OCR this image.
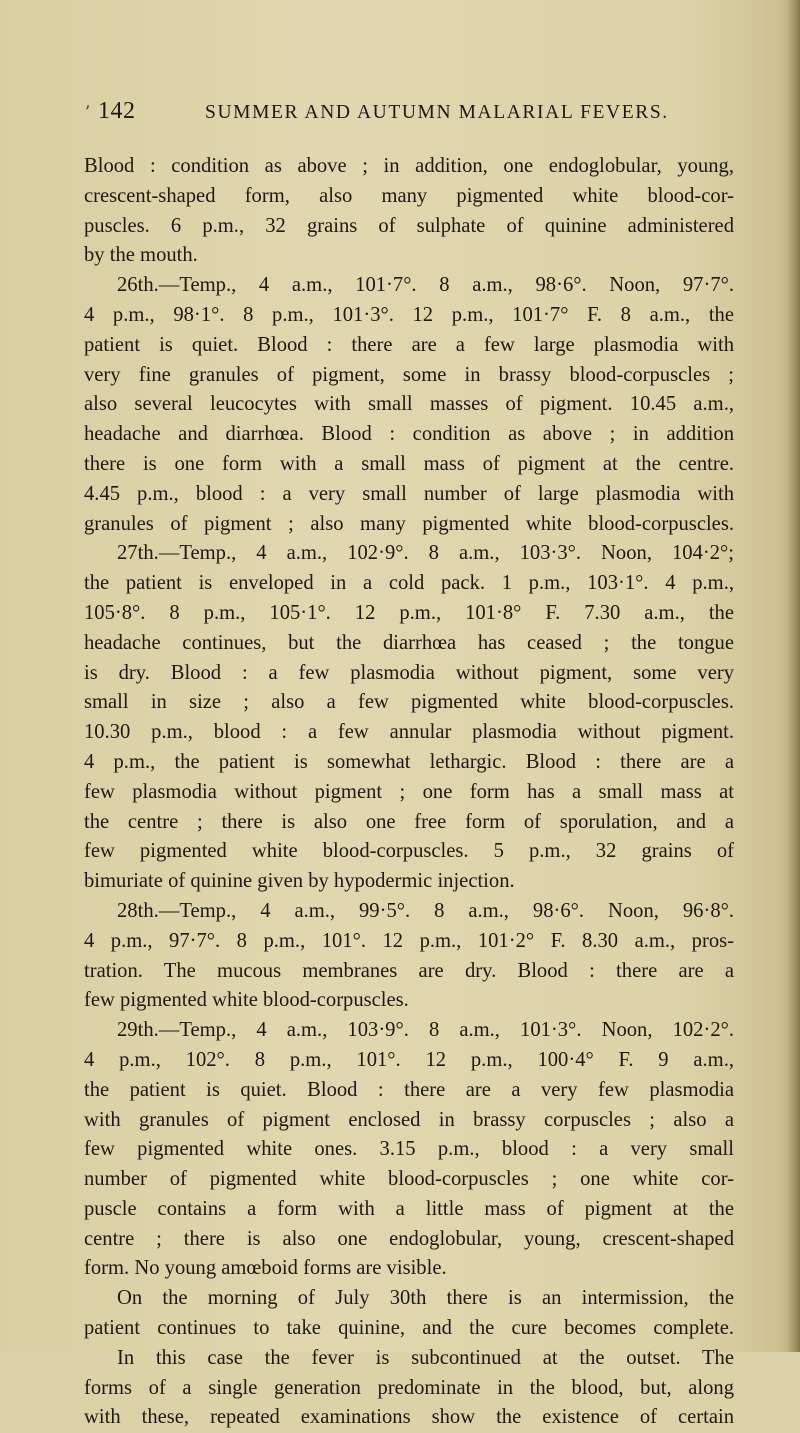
’ 142	SUMMER AND AUTUMN MALARIAL FEVERS.
Blood : condition as above ; in addition, one endoglobular, young,
crescent-shaped form, also many pigmented white blood-cor-
puscles. 6 p.m., 32 grains of sulphate of quinine administered
by the mouth.
26th.—Temp., 4 a.m., 101·7°. 8 a.m., 98·6°. Noon, 97·7°.
4 p.m., 98·1°. 8 p.m., 101·3°. 12 p.m., 101·7° F. 8 a.m., the
patient is quiet. Blood : there are a few large plasmodia with
very fine granules of pigment, some in brassy blood-corpuscles ;
also several leucocytes with small masses of pigment. 10.45 a.m.,
headache and diarrhœa. Blood : condition as above ; in addition
there is one form with a small mass of pigment at the centre.
4.45 p.m., blood : a very small number of large plasmodia with
granules of pigment ; also many pigmented white blood-corpuscles.
27th.—Temp., 4 a.m., 102·9°. 8 a.m., 103·3°. Noon, 104·2°;
the patient is enveloped in a cold pack. 1 p.m., 103·1°. 4 p.m.,
105·8°. 8 p.m., 105·1°. 12 p.m., 101·8° F. 7.30 a.m., the
headache continues, but the diarrhœa has ceased ; the tongue
is dry. Blood : a few plasmodia without pigment, some very
small in size ; also a few pigmented white blood-corpuscles.
10.30 p.m., blood : a few annular plasmodia without pigment.
4 p.m., the patient is somewhat lethargic. Blood : there are a
few plasmodia without pigment ; one form has a small mass at
the centre ; there is also one free form of sporulation, and a
few pigmented white blood-corpuscles. 5 p.m., 32 grains of
bimuriate of quinine given by hypodermic injection.
28th.—Temp., 4 a.m., 99·5°. 8 a.m., 98·6°. Noon, 96·8°.
4 p.m., 97·7°. 8 p.m., 101°. 12 p.m., 101·2° F. 8.30 a.m., pros-
tration. The mucous membranes are dry. Blood : there are a
few pigmented white blood-corpuscles.
29th.—Temp., 4 a.m., 103·9°. 8 a.m., 101·3°. Noon, 102·2°.
4 p.m., 102°. 8 p.m., 101°. 12 p.m., 100·4° F. 9 a.m.,
the patient is quiet. Blood : there are a very few plasmodia
with granules of pigment enclosed in brassy corpuscles ; also a
few pigmented white ones. 3.15 p.m., blood : a very small
number of pigmented white blood-corpuscles ; one white cor-
puscle contains a form with a little mass of pigment at the
centre ; there is also one endoglobular, young, crescent-shaped
form. No young amœboid forms are visible.
On the morning of July 30th there is an intermission, the
patient continues to take quinine, and the cure becomes complete.
In this case the fever is subcontinued at the outset. The
forms of a single generation predominate in the blood, but, along
with these, repeated examinations show the existence of certain
